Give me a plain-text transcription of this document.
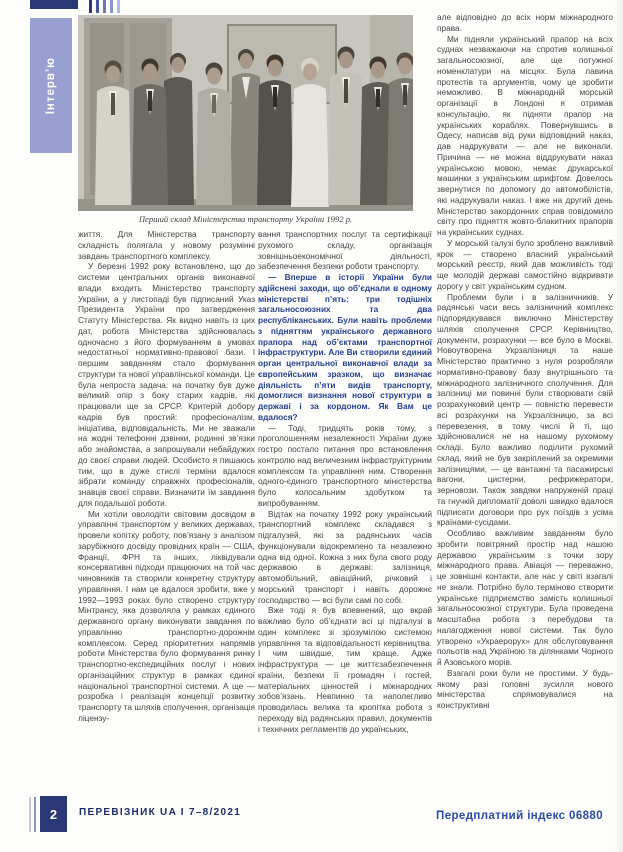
Інтерв’ю
Перший склад Міністерства транспорту України 1992 р.

життя. Для Міністерства транспорту складність полягала у новому розумінні завдань транспортного комплексу.

У березні 1992 року встановлено, що до системи центральних органів виконавчої влади входить Міністерство транспорту України, а у листопаді був підписаний Указ Президента України про затвердження Статуту Міністерства. Як видно навіть із цих дат, робота Міністерства здійснювалась одночасно з його формуванням в умовах недостатньої нормативно-правової бази. І першим завданням стало формування структури та нової управлінської команди. Це була непроста задача: на початку був дуже великий опір з боку старих кадрів, які працювали ще за СРСР. Критерій добору кадрів був простий: професіоналізм, ініціатива, відповідальність. Ми не зважали на жодні телефонні дзвінки, родинні зв’язки або знайомства, а запрошували небайдужих до своєї справи людей. Особисто я пишаюсь тим, що в дуже стислі терміни вдалося зібрати команду справжніх професіоналів, знавців своєї справи. Визначити їм завдання для подальшої роботи.

Ми хотіли оволодіти світовим досвідом в управлінні транспортом у великих державах, провели копітку роботу, пов’язану з аналізом зарубіжного досвіду провідних країн — США, Франції, ФРН та інших, ліквідували консервативні підходи працюючих на той час чиновників та створили конкретну структуру управління. І нам це вдалося зробити, вже у 1992—1993 роках було створено структуру Мінтрансу, яка дозволяла у рамках єдиного державного органу виконувати завдання по управлінню транспортно-дорожнім комплексом. Серед пріоритетних напрямів роботи Міністерства було формування ринку транспортно-експедиційних послуг і нових організаційних структур в рамках єдиної національної транспортної системи. А ще — розробка і реалізація концепції розвитку транспорту та шляхів сполучення, організація ліцензу-

вання транспортних послуг та сертифікації рухомого складу, організація зовнішньоекономічної діяльності, забезпечення безпеки роботи транспорту.

— Вперше в історії України були здійснені заходи, що об’єднали в одному міністерстві п’ять: три тодішніх загальносоюзних та два республіканських. Були навіть проблеми з підняттям українського державного прапора над об’єктами транспортної інфраструктури. Але Ви створили єдиний орган центральної виконавчої влади за європейським зразком, що визначає діяльність п’яти видів транспорту, домоглися визнання нової структури в державі і за кордоном. Як Вам це вдалося?

— Тоді, тридцять років тому, з проголошенням незалежності України дуже гостро постало питання про встановлення контролю над величезним інфраструктурним комплексом та управління ним. Створення одного-єдиного транспортного міністерства було колосальним здобутком та випробуванням.

Відтак на початку 1992 року український транспортний комплекс складався з підгалузей, які за радянських часів функціонували відокремлено та незалежно одна від одної. Кожна з них була свого роду державою в державі: залізниця, автомобільний, авіаційний, річковий і морський транспорт і навіть дорожнє господарство — всі були самі по собі.

Вже тоді я був впевнений, що вкрай важливо було об’єднати всі ці підгалузі в один комплекс зі зрозумілою системою управління та відповідальності керівництва. І чим швидше, тим краще. Адже інфраструктура — це життєзабезпечення країни, безпеки її громадян і гостей, матеріальних цінностей і міжнародних зобов’язань. Невпинно та наполегливо проводилась велика та кропітка робота з переходу від радянських правил, документів і технічних регламентів до українських,

але відповідно до всіх норм міжнародного права.

Ми підняли український прапор на всіх суднах незважаючи на спротив колишньої загальносоюзної, але ще потужної номенклатури на місцях. Була лавина протестів та аргументів, чому це зробити неможливо. В міжнародній морській організації в Лондоні я отримав консультацію, як підняти прапор на українських кораблях. Повернувшись в Одесу, написав від руки відповідний наказ, дав надрукувати — але не виконали. Причина — не можна віддрукувати наказ українською мовою, немає друкарської машинки з українським шрифтом. Довелось звернутися по допомогу до автомобілістів, які надрукували наказ. І вже на другий день Міністерство закордонних справ повідомило світу про підняття жовто-блакитних прапорів на українських суднах.

У морській галузі було зроблено важливий крок — створено власний український морський реєстр, який дав можливість тоді ще молодій державі самостійно відкривати дорогу у світ українським судном.

Проблеми були і в залізничників. У радянські часи весь залізничний комплекс підпорядкувався виключно Міністерству шляхів сполучення СРСР. Керівництво, документи, розрахунки — все було в Москві. Новоутворена Укрзалізниця та наше Міністерство практично з нуля розробляли нормативно-правову базу внутрішнього та міжнародного залізничного сполучення. Для залізниці ми повинні були створювати свій розрахунковий центр — повністю перевести всі розрахунки на Укрзалізницю, за всі перевезення, в тому числі й ті, що здійснювалися не на нашому рухомому складі. Було важливо поділити рухомий склад, який не був закріплений за окремими залізницями, — це вантажні та пасажирські вагони, цистерни, рефрижератори, зерновози. Також завдяки напруженій праці та гнучкій дипломатії доволі швидко вдалося підписати договори про рух поїздів з усіма країнами-сусідами.

Особливо важливим завданням було зробити повітряний простір над нашою державою українським з точки зору міжнародного права. Авіація — переважно, це зовнішні контакти, але нас у світі взагалі не знали. Потрібно було терміново створити українське підприємство замість колишньої загальносоюзної структури. Була проведена масштабна робота з перебудови та налагодження нової системи. Так було утворено «Украерорух» для обслуговування польотів над Україною та ділянками Чорного й Азовського морів.

Взагалі роки були не простими. У будь-якому разі головні зусилля нового міністерства спрямовувалися на конструктивні

2	ПЕРЕВІЗНИК UA І 7–8/2021	Передплатний індекс 06880
